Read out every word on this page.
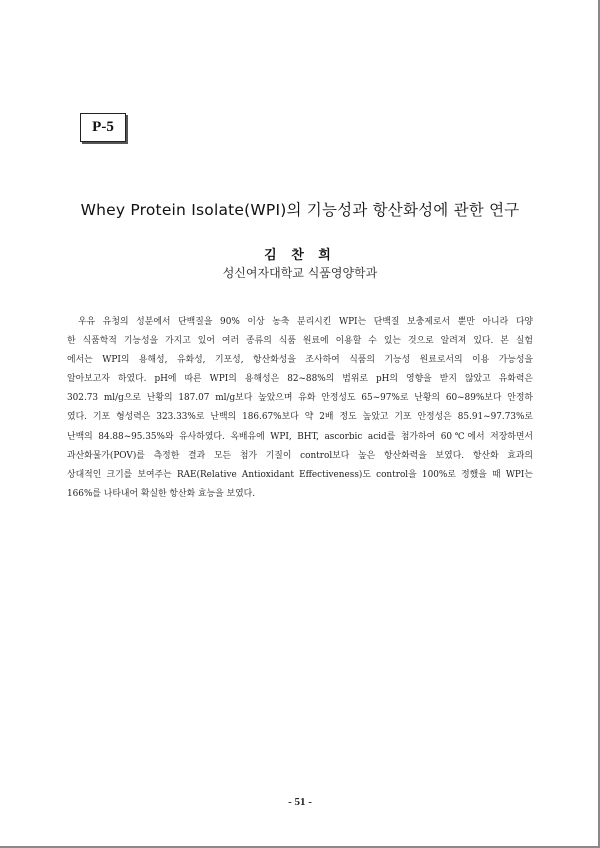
P-5
Whey Protein Isolate(WPI)의 기능성과 항산화성에 관한 연구
김 찬 희
성신여자대학교 식품영양학과
우유 유청의 성분에서 단백질을 90% 이상 농축 분리시킨 WPI는 단백질 보충제로서 뿐만 아니라 다양
한 식품학적 기능성을 가지고 있어 여러 종류의 식품 원료에 이용할 수 있는 것으로 알려져 있다. 본 실험
에서는 WPI의 용해성, 유화성, 기포성, 항산화성을 조사하여 식품의 기능성 원료로서의 이용 가능성을
알아보고자 하였다. pH에 따른 WPI의 용해성은 82~88%의 범위로 pH의 영향을 받지 않았고 유화력은
302.73 ml/g으로 난황의 187.07 ml/g보다 높았으며 유화 안정성도 65~97%로 난황의 60~89%보다 안정하
였다. 기포 형성력은 323.33%로 난백의 186.67%보다 약 2배 정도 높았고 기포 안정성은 85.91~97.73%로
난백의 84.88~95.35%와 유사하였다. 옥배유에 WPI, BHT, ascorbic acid를 첨가하여 60℃에서 저장하면서
과산화물가(POV)를 측정한 결과 모든 첨가 기질이 control보다 높은 항산화력을 보였다. 항산화 효과의
상대적인 크기를 보여주는 RAE(Relative Antioxidant Effectiveness)도 control을 100%로 정했을 때 WPI는
166%를 나타내어 확실한 항산화 효능을 보였다.
- 51 -
